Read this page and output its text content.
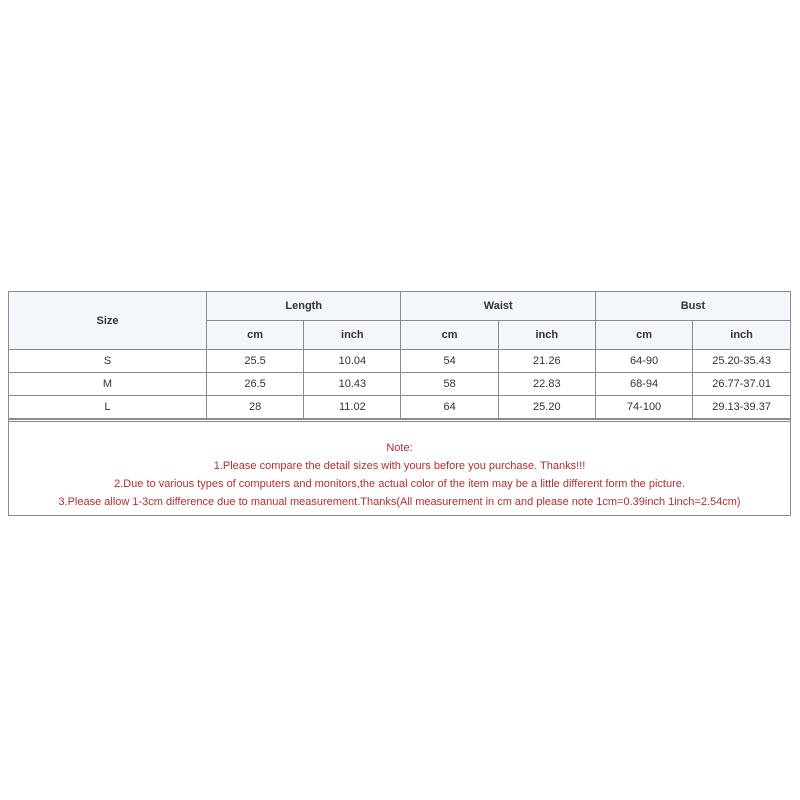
Size	Length		Waist		Bust	
	cm	inch	cm	inch	cm	inch
S	25.5	10.04	54	21.26	64-90	25.20-35.43
M	26.5	10.43	58	22.83	68-94	26.77-37.01
L	28	11.02	64	25.20	74-100	29.13-39.37
Note:
1.Please compare the detail sizes with yours before you purchase. Thanks!!!
2.Due to various types of computers and monitors,the actual color of the item may be a little different form the picture.
3.Please allow 1-3cm difference due to manual measurement.Thanks(All measurement in cm and please note 1cm=0.39inch 1inch=2.54cm)
